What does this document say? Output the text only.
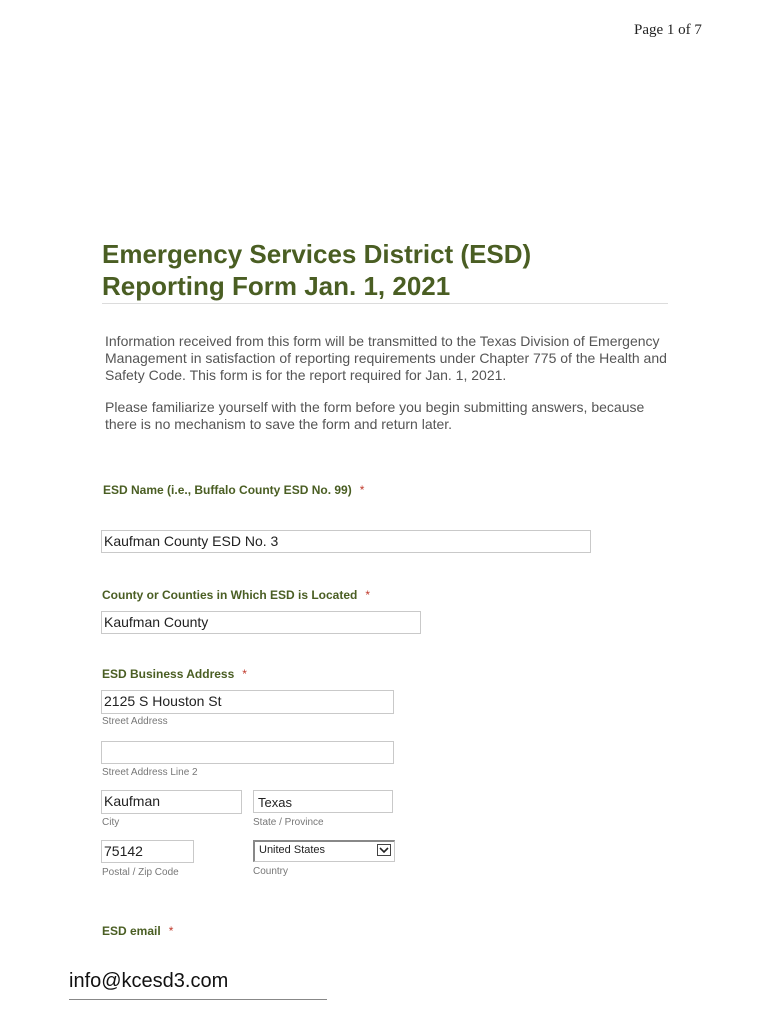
Page 1 of 7
Emergency Services District (ESD)
Reporting Form Jan. 1, 2021
Information received from this form will be transmitted to the Texas Division of Emergency Management in satisfaction of reporting requirements under Chapter 775 of the Health and Safety Code. This form is for the report required for Jan. 1, 2021.
Please familiarize yourself with the form before you begin submitting answers, because there is no mechanism to save the form and return later.
ESD Name (i.e., Buffalo County ESD No. 99) *
Kaufman County ESD No. 3
County or Counties in Which ESD is Located *
Kaufman County
ESD Business Address *
2125 S Houston St
Street Address
Street Address Line 2
Kaufman
City
Texas
State / Province
75142
Postal / Zip Code
United States
Country
ESD email *
info@kcesd3.com
